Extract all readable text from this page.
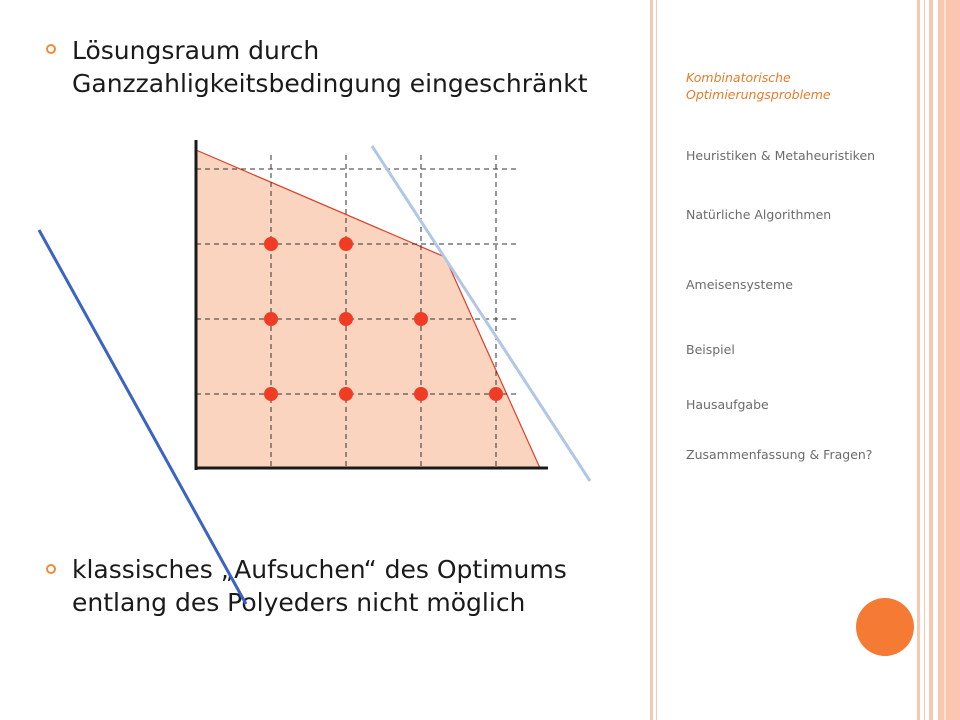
Lösungsraum durch Ganzzahligkeitsbedingung eingeschränkt

klassisches „Aufsuchen“ des Optimums entlang des Polyeders nicht möglich

Kombinatorische Optimierungsprobleme
Heuristiken & Metaheuristiken
Natürliche Algorithmen
Ameisensysteme
Beispiel
Hausaufgabe
Zusammenfassung & Fragen?
